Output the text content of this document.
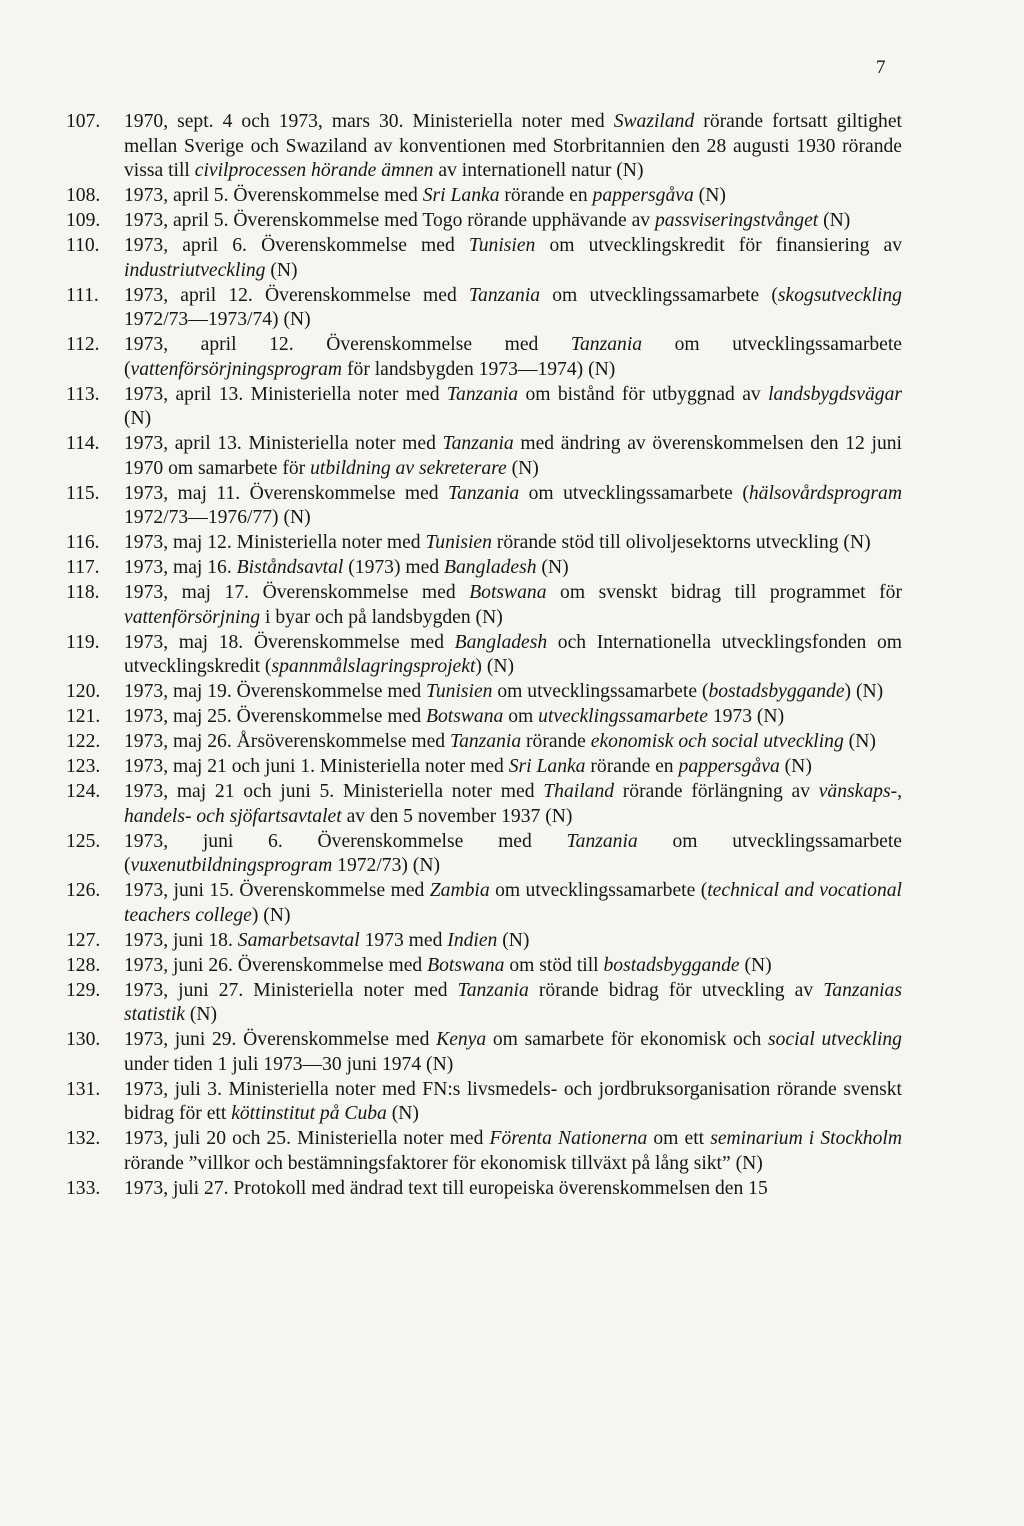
7
107.	1970, sept. 4 och 1973, mars 30. Ministeriella noter med Swaziland rörande fortsatt giltighet mellan Sverige och Swaziland av konventionen med Storbritannien den 28 augusti 1930 rörande vissa till civilprocessen hörande ämnen av internationell natur (N)
108.	1973, april 5. Överenskommelse med Sri Lanka rörande en pappersgåva (N)
109.	1973, april 5. Överenskommelse med Togo rörande upphävande av passviseringstvånget (N)
110.	1973, april 6. Överenskommelse med Tunisien om utvecklingskredit för finansiering av industriutveckling (N)
111.	1973, april 12. Överenskommelse med Tanzania om utvecklingssamarbete (skogsutveckling 1972/73—1973/74) (N)
112.	1973, april 12. Överenskommelse med Tanzania om utvecklingssamarbete (vattenförsörjningsprogram för landsbygden 1973—1974) (N)
113.	1973, april 13. Ministeriella noter med Tanzania om bistånd för utbyggnad av landsbygdsvägar (N)
114.	1973, april 13. Ministeriella noter med Tanzania med ändring av överenskommelsen den 12 juni 1970 om samarbete för utbildning av sekreterare (N)
115.	1973, maj 11. Överenskommelse med Tanzania om utvecklingssamarbete (hälsovårdsprogram 1972/73—1976/77) (N)
116.	1973, maj 12. Ministeriella noter med Tunisien rörande stöd till olivoljesektorns utveckling (N)
117.	1973, maj 16. Biståndsavtal (1973) med Bangladesh (N)
118.	1973, maj 17. Överenskommelse med Botswana om svenskt bidrag till programmet för vattenförsörjning i byar och på landsbygden (N)
119.	1973, maj 18. Överenskommelse med Bangladesh och Internationella utvecklingsfonden om utvecklingskredit (spannmålslagringsprojekt) (N)
120.	1973, maj 19. Överenskommelse med Tunisien om utvecklingssamarbete (bostadsbyggande) (N)
121.	1973, maj 25. Överenskommelse med Botswana om utvecklingssamarbete 1973 (N)
122.	1973, maj 26. Årsöverenskommelse med Tanzania rörande ekonomisk och social utveckling (N)
123.	1973, maj 21 och juni 1. Ministeriella noter med Sri Lanka rörande en pappersgåva (N)
124.	1973, maj 21 och juni 5. Ministeriella noter med Thailand rörande förlängning av vänskaps-, handels- och sjöfartsavtalet av den 5 november 1937 (N)
125.	1973, juni 6. Överenskommelse med Tanzania om utvecklingssamarbete (vuxenutbildningsprogram 1972/73) (N)
126.	1973, juni 15. Överenskommelse med Zambia om utvecklingssamarbete (technical and vocational teachers college) (N)
127.	1973, juni 18. Samarbetsavtal 1973 med Indien (N)
128.	1973, juni 26. Överenskommelse med Botswana om stöd till bostadsbyggande (N)
129.	1973, juni 27. Ministeriella noter med Tanzania rörande bidrag för utveckling av Tanzanias statistik (N)
130.	1973, juni 29. Överenskommelse med Kenya om samarbete för ekonomisk och social utveckling under tiden 1 juli 1973—30 juni 1974 (N)
131.	1973, juli 3. Ministeriella noter med FN:s livsmedels- och jordbruksorganisation rörande svenskt bidrag för ett köttinstitut på Cuba (N)
132.	1973, juli 20 och 25. Ministeriella noter med Förenta Nationerna om ett seminarium i Stockholm rörande ”villkor och bestämningsfaktorer för ekonomisk tillväxt på lång sikt” (N)
133.	1973, juli 27. Protokoll med ändrad text till europeiska överenskommelsen den 15
